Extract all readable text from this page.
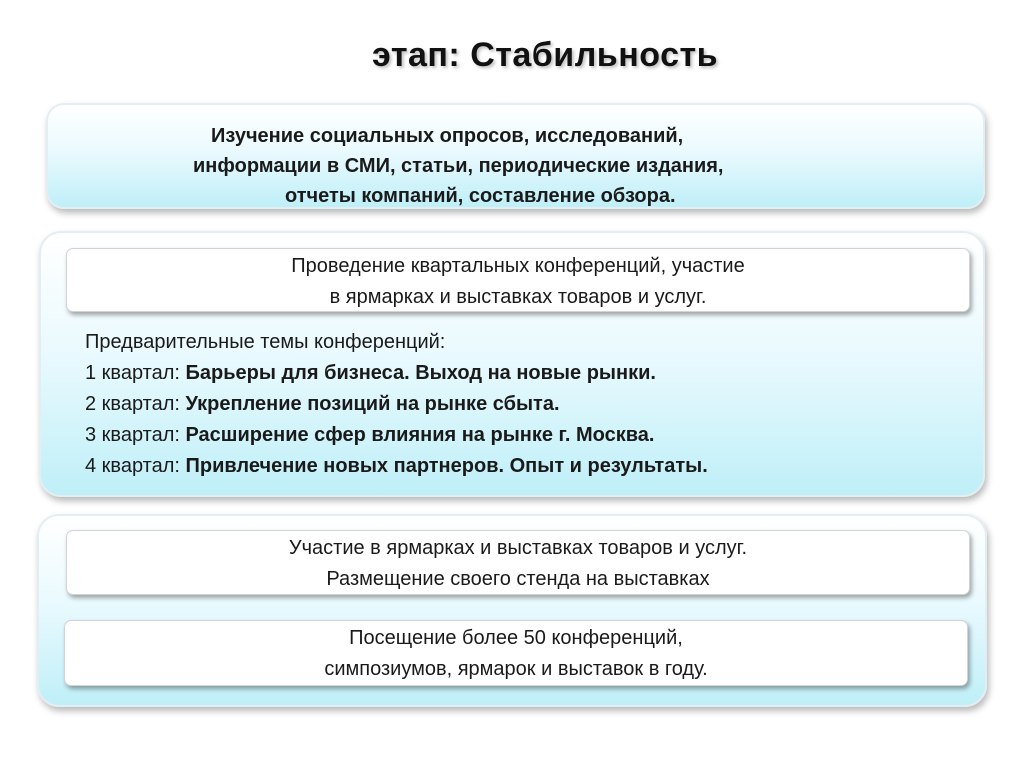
этап: Стабильность

Изучение социальных опросов, исследований,
информации в СМИ, статьи, периодические издания,
отчеты компаний, составление обзора.

Проведение квартальных конференций, участие
в ярмарках и выставках товаров и услуг.

Предварительные темы конференций:
1 квартал: Барьеры для бизнеса. Выход на новые рынки.
2 квартал: Укрепление позиций на рынке сбыта.
3 квартал: Расширение сфер влияния на рынке г. Москва.
4 квартал: Привлечение новых партнеров. Опыт и результаты.

Участие в ярмарках и выставках товаров и услуг.
Размещение своего стенда на выставках
Посещение более 50 конференций,
симпозиумов, ярмарок и выставок в году.
